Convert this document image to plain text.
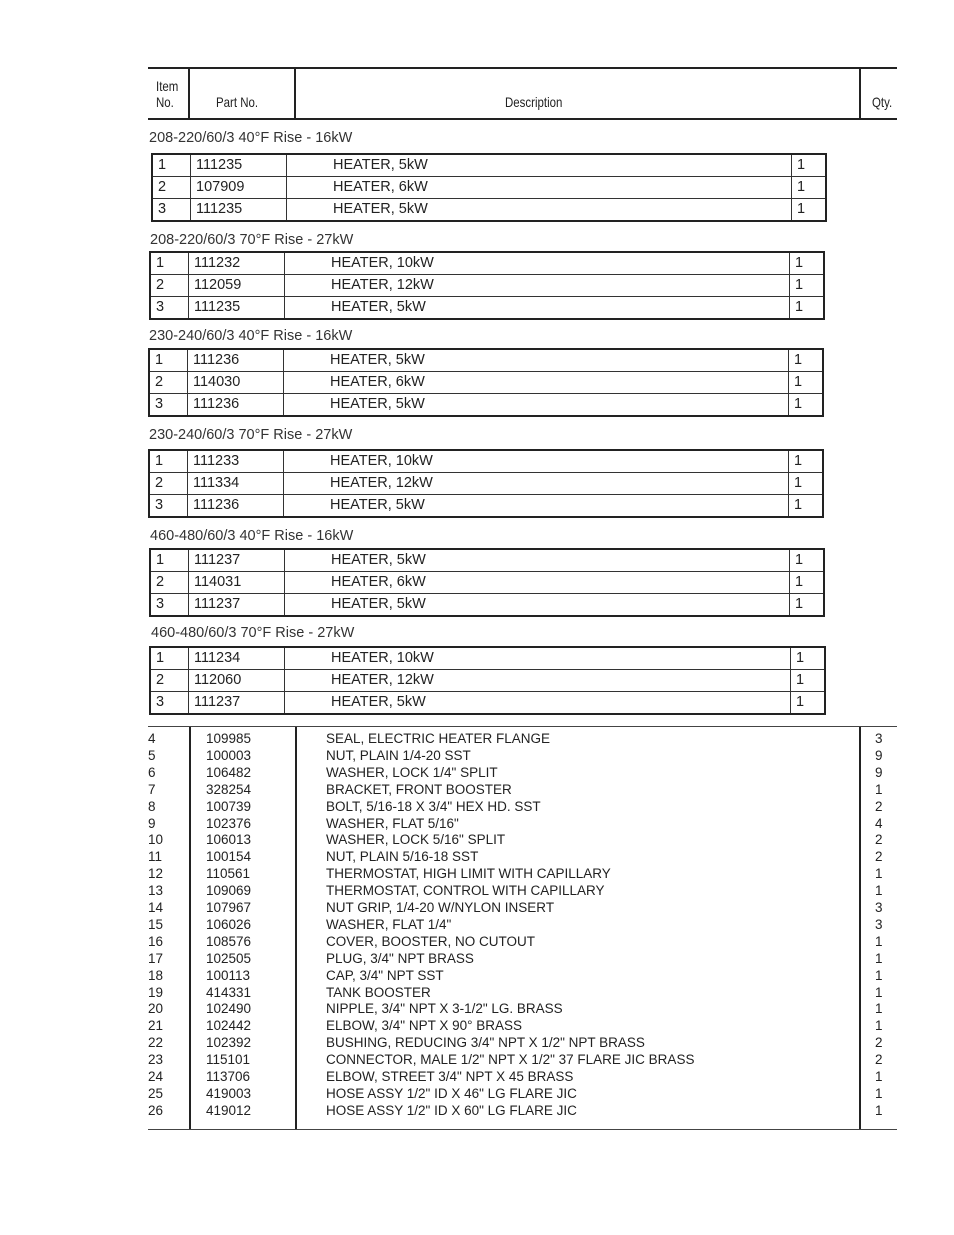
Item
No.	Part No.	Description	Qty.
208-220/60/3 40°F Rise - 16kW
1	111235	HEATER, 5kW	1
2	107909	HEATER, 6kW	1
3	111235	HEATER, 5kW	1
208-220/60/3 70°F Rise - 27kW
1	111232	HEATER, 10kW	1
2	112059	HEATER, 12kW	1
3	111235	HEATER, 5kW	1
230-240/60/3 40°F Rise - 16kW
1	111236	HEATER, 5kW	1
2	114030	HEATER, 6kW	1
3	111236	HEATER, 5kW	1
230-240/60/3 70°F Rise - 27kW
1	111233	HEATER, 10kW	1
2	111334	HEATER, 12kW	1
3	111236	HEATER, 5kW	1
460-480/60/3 40°F Rise - 16kW
1	111237	HEATER, 5kW	1
2	114031	HEATER, 6kW	1
3	111237	HEATER, 5kW	1
460-480/60/3 70°F Rise - 27kW
1	111234	HEATER, 10kW	1
2	112060	HEATER, 12kW	1
3	111237	HEATER, 5kW	1
4	109985	SEAL, ELECTRIC HEATER FLANGE	3
5	100003	NUT, PLAIN 1/4-20 SST	9
6	106482	WASHER, LOCK 1/4" SPLIT	9
7	328254	BRACKET, FRONT BOOSTER	1
8	100739	BOLT, 5/16-18 X 3/4" HEX HD. SST	2
9	102376	WASHER, FLAT 5/16"	4
10	106013	WASHER, LOCK 5/16" SPLIT	2
11	100154	NUT, PLAIN 5/16-18 SST	2
12	110561	THERMOSTAT, HIGH LIMIT WITH CAPILLARY	1
13	109069	THERMOSTAT, CONTROL WITH CAPILLARY	1
14	107967	NUT GRIP, 1/4-20 W/NYLON INSERT	3
15	106026	WASHER, FLAT 1/4"	3
16	108576	COVER, BOOSTER, NO CUTOUT	1
17	102505	PLUG, 3/4" NPT BRASS	1
18	100113	CAP, 3/4" NPT SST	1
19	414331	TANK BOOSTER	1
20	102490	NIPPLE, 3/4" NPT X 3-1/2" LG. BRASS	1
21	102442	ELBOW, 3/4" NPT X 90° BRASS	1
22	102392	BUSHING, REDUCING 3/4" NPT X 1/2" NPT BRASS	2
23	115101	CONNECTOR, MALE 1/2" NPT X 1/2" 37 FLARE JIC BRASS	2
24	113706	ELBOW, STREET 3/4" NPT X 45 BRASS	1
25	419003	HOSE ASSY 1/2" ID X 46" LG FLARE JIC	1
26	419012	HOSE ASSY 1/2" ID X 60" LG FLARE JIC	1
